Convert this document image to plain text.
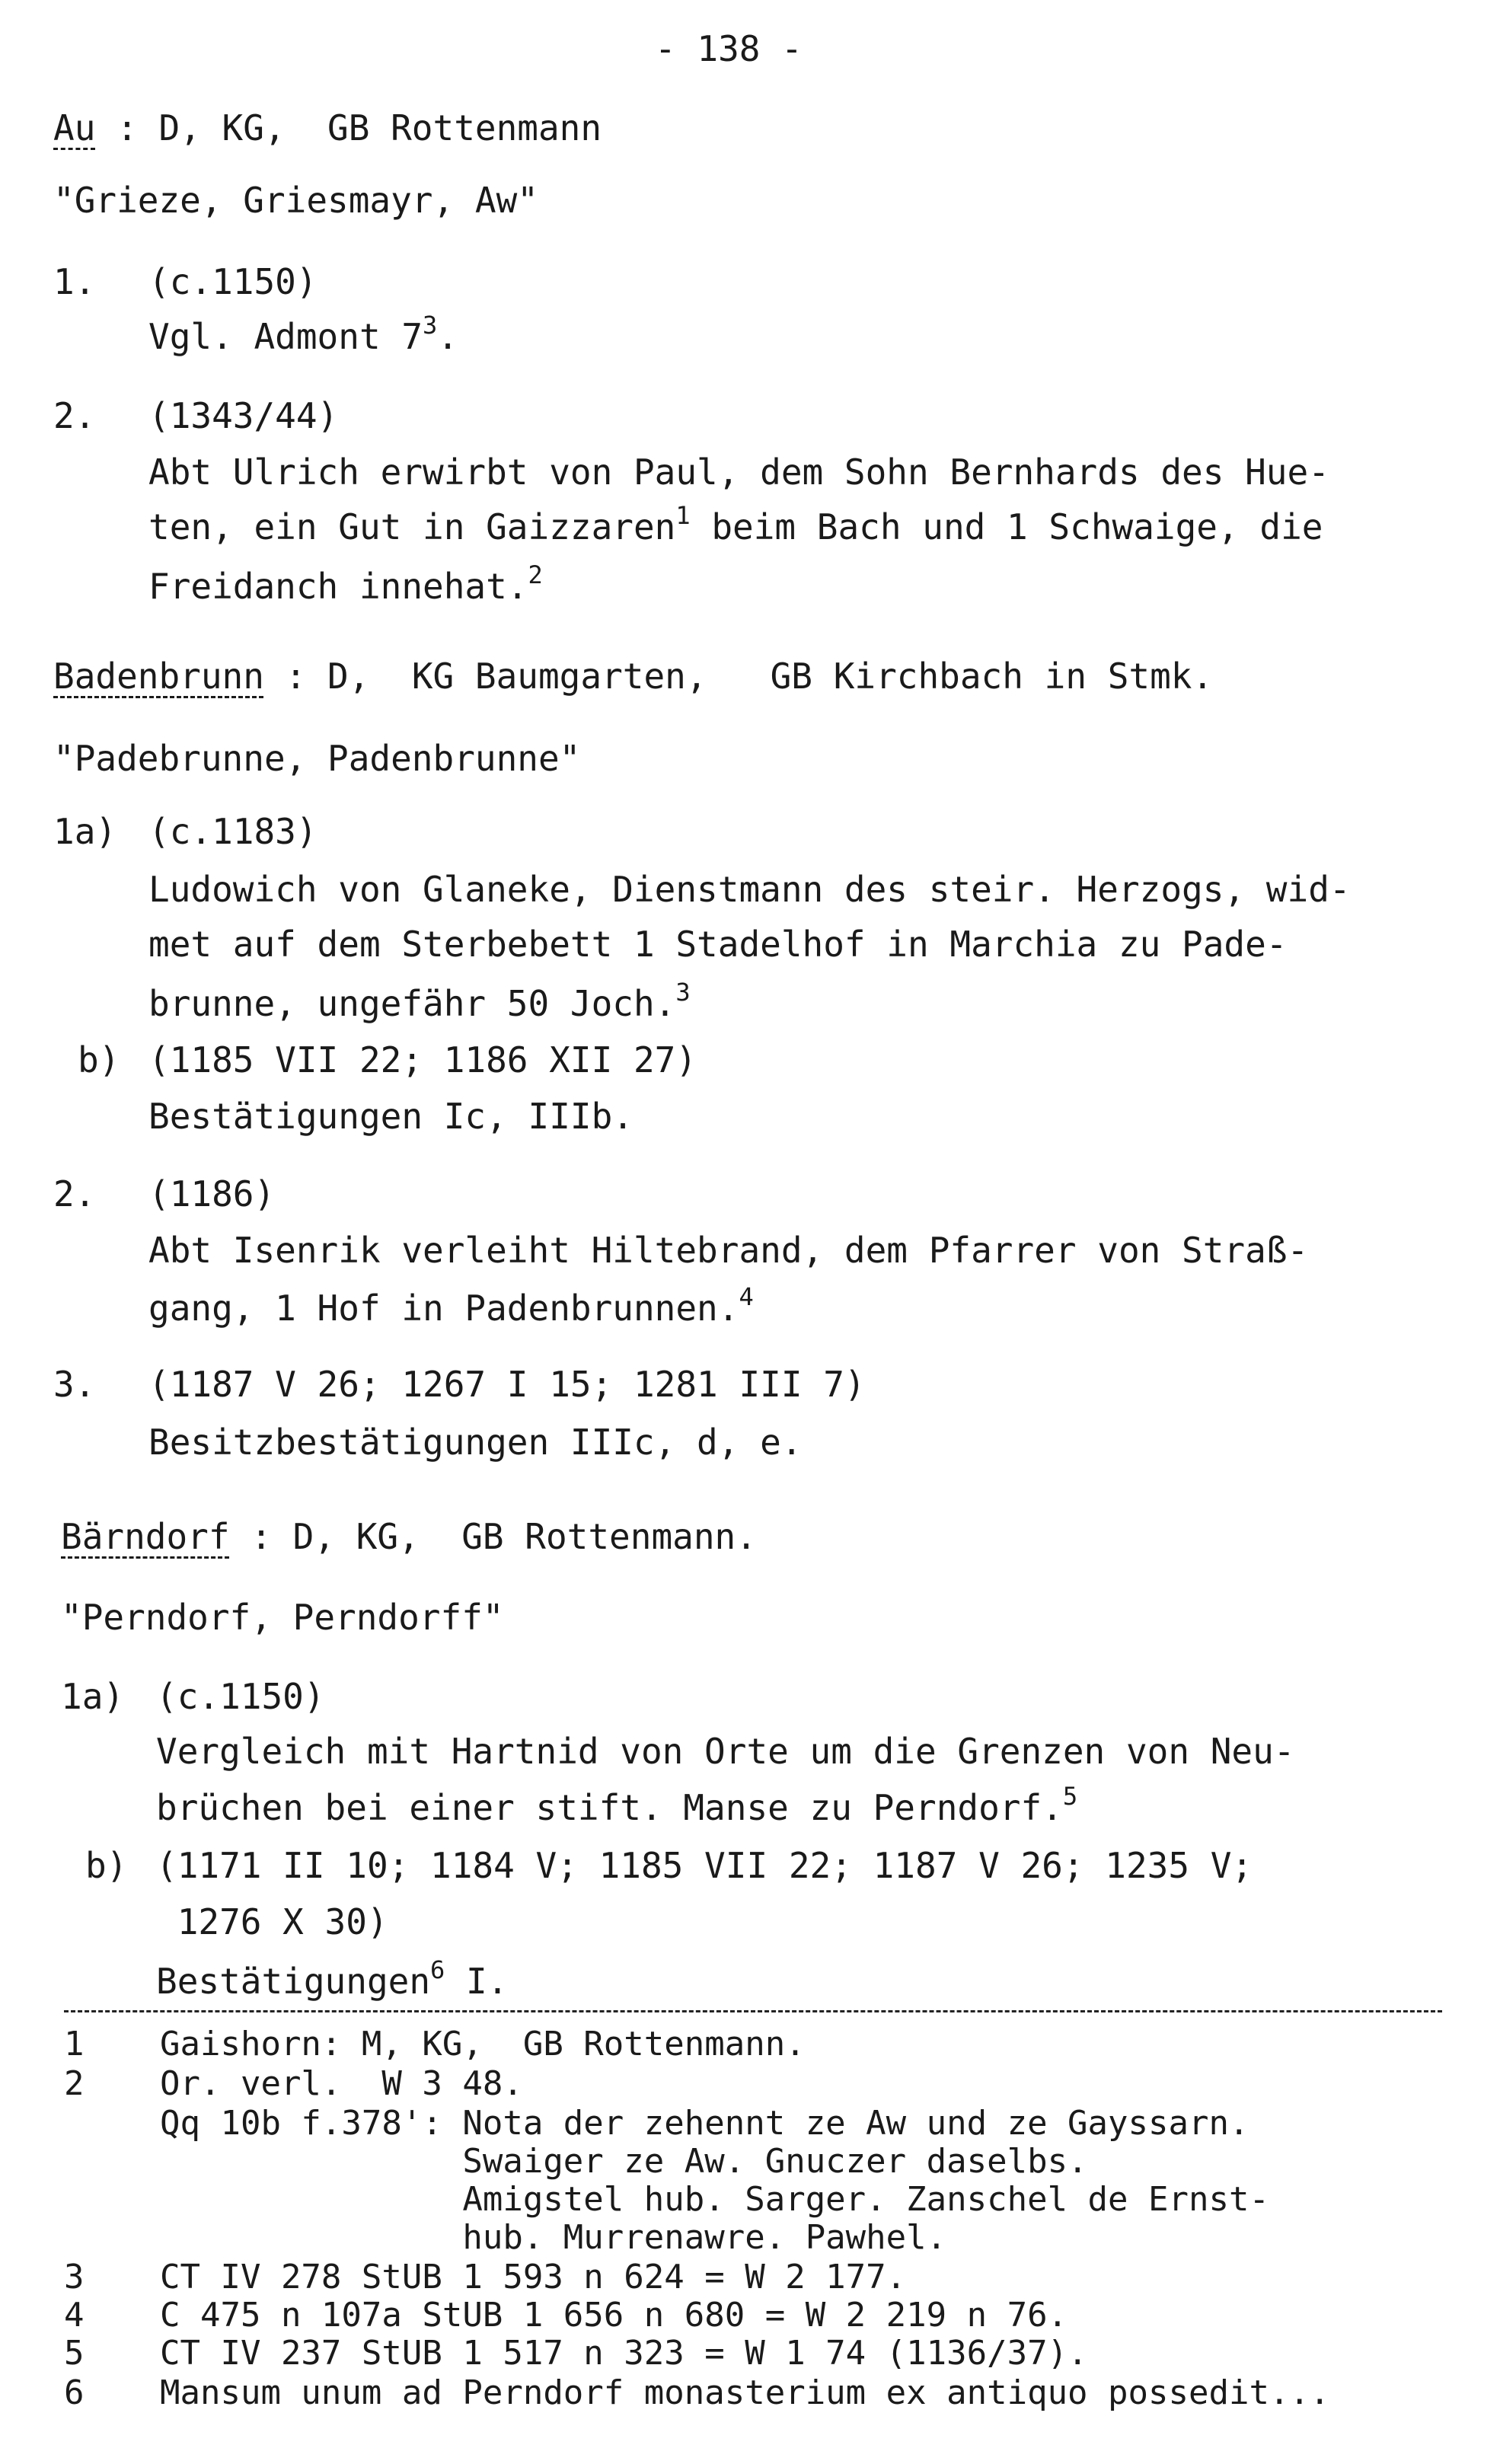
- 138 -
Au : D, KG,  GB Rottenmann
"Grieze, Griesmayr, Aw"
1. (c.1150)
Vgl. Admont $7^3$.
2. (1343/44)
Abt Ulrich erwirbt von Paul, dem Sohn Bernhards des Hue-
ten, ein Gut in Gaizzaren$^1$ beim Bach und 1 Schwaige, die
Freidanch innehat.$^2$
Badenbrunn : D,  KG Baumgarten,   GB Kirchbach in Stmk.
"Padebrunne, Padenbrunne"
1a) (c.1183)
Ludowich von Glaneke, Dienstmann des steir. Herzogs, wid-
met auf dem Sterbebett 1 Stadelhof in Marchia zu Pade-
brunne, ungefähr 50 Joch.$^3$
b) (1185 VII 22; 1186 XII 27)
Bestätigungen Ic, IIIb.
2. (1186)
Abt Isenrik verleiht Hiltebrand, dem Pfarrer von Straß-
gang, 1 Hof in Padenbrunnen.$^4$
3. (1187 V 26; 1267 I 15; 1281 III 7)
Besitzbestätigungen IIIc, d, e.
Bärndorf : D, KG,  GB Rottenmann.
"Perndorf, Perndorff"
1a) (c.1150)
Vergleich mit Hartnid von Orte um die Grenzen von Neu-
brüchen bei einer stift. Manse zu Perndorf.$^5$
b) (1171 II 10; 1184 V; 1185 VII 22; 1187 V 26; 1235 V;
1276 X 30)
Bestätigungen$^6$ I.
1 Gaishorn: M, KG,  GB Rottenmann.
2 Or. verl.  W 3 48.
Qq 10b f.378': Nota der zehennt ze Aw und ze Gayssarn.
Swaiger ze Aw. Gnuczer daselbs.
Amigstel hub. Sarger. Zanschel de Ernst-
hub. Murrenawre. Pawhel.
3 CT IV 278 StUB 1 593 n 624 = W 2 177.
4 C 475 n 107a StUB 1 656 n 680 = W 2 219 n 76.
5 CT IV 237 StUB 1 517 n 323 = W 1 74 (1136/37).
6 Mansum unum ad Perndorf monasterium ex antiquo possedit...
